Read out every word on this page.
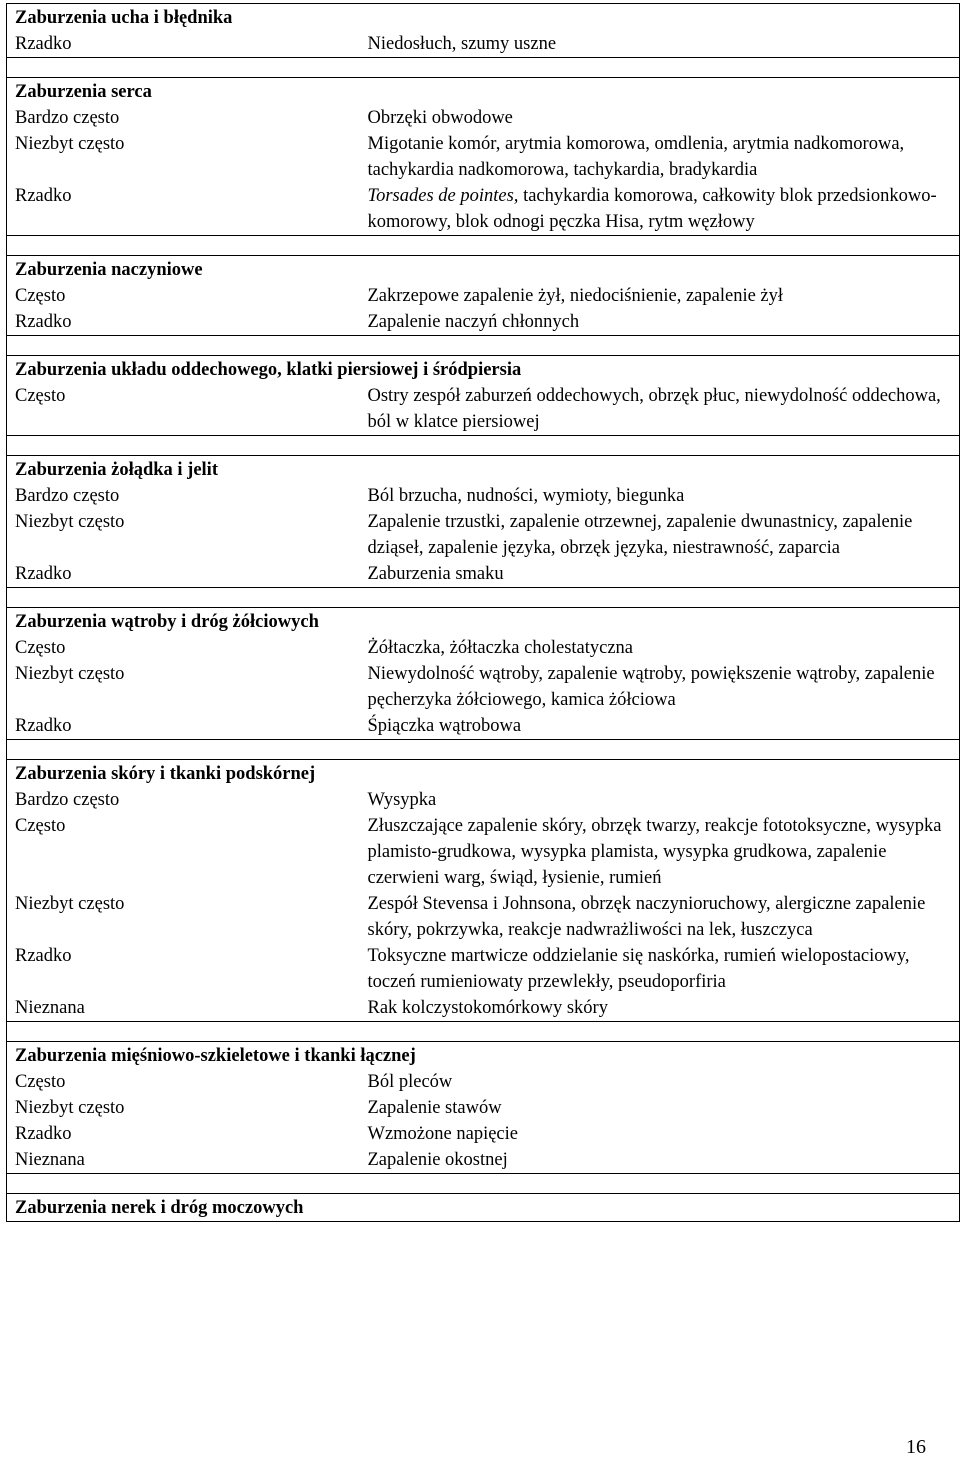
Zaburzenia ucha i błędnika	
Rzadko	Niedosłuch, szumy uszne

Zaburzenia serca	
Bardzo często	Obrzęki obwodowe
Niezbyt często	Migotanie komór, arytmia komorowa, omdlenia, arytmia nadkomorowa, tachykardia nadkomorowa, tachykardia, bradykardia
Rzadko	Torsades de pointes, tachykardia komorowa, całkowity blok przedsionkowo-komorowy, blok odnogi pęczka Hisa, rytm węzłowy

Zaburzenia naczyniowe	
Często	Zakrzepowe zapalenie żył, niedociśnienie, zapalenie żył
Rzadko	Zapalenie naczyń chłonnych

Zaburzenia układu oddechowego, klatki piersiowej i śródpiersia	
Często	Ostry zespół zaburzeń oddechowych, obrzęk płuc, niewydolność oddechowa, ból w klatce piersiowej

Zaburzenia żołądka i jelit	
Bardzo często	Ból brzucha, nudności, wymioty, biegunka
Niezbyt często	Zapalenie trzustki, zapalenie otrzewnej, zapalenie dwunastnicy, zapalenie dziąseł, zapalenie języka, obrzęk języka, niestrawność, zaparcia
Rzadko	Zaburzenia smaku

Zaburzenia wątroby i dróg żółciowych	
Często	Żółtaczka, żółtaczka cholestatyczna
Niezbyt często	Niewydolność wątroby, zapalenie wątroby, powiększenie wątroby, zapalenie pęcherzyka żółciowego, kamica żółciowa
Rzadko	Śpiączka wątrobowa

Zaburzenia skóry i tkanki podskórnej	
Bardzo często	Wysypka
Często	Złuszczające zapalenie skóry, obrzęk twarzy, reakcje fototoksyczne, wysypka plamisto-grudkowa, wysypka plamista, wysypka grudkowa, zapalenie czerwieni warg, świąd, łysienie, rumień
Niezbyt często	Zespół Stevensa i Johnsona, obrzęk naczynioruchowy, alergiczne zapalenie skóry, pokrzywka, reakcje nadwrażliwości na lek, łuszczyca
Rzadko	Toksyczne martwicze oddzielanie się naskórka, rumień wielopostaciowy, toczeń rumieniowaty przewlekły, pseudoporfiria
Nieznana	Rak kolczystokomórkowy skóry

Zaburzenia mięśniowo-szkieletowe i tkanki łącznej	
Często	Ból pleców
Niezbyt często	Zapalenie stawów
Rzadko	Wzmożone napięcie
Nieznana	Zapalenie okostnej

Zaburzenia nerek i dróg moczowych	
16
